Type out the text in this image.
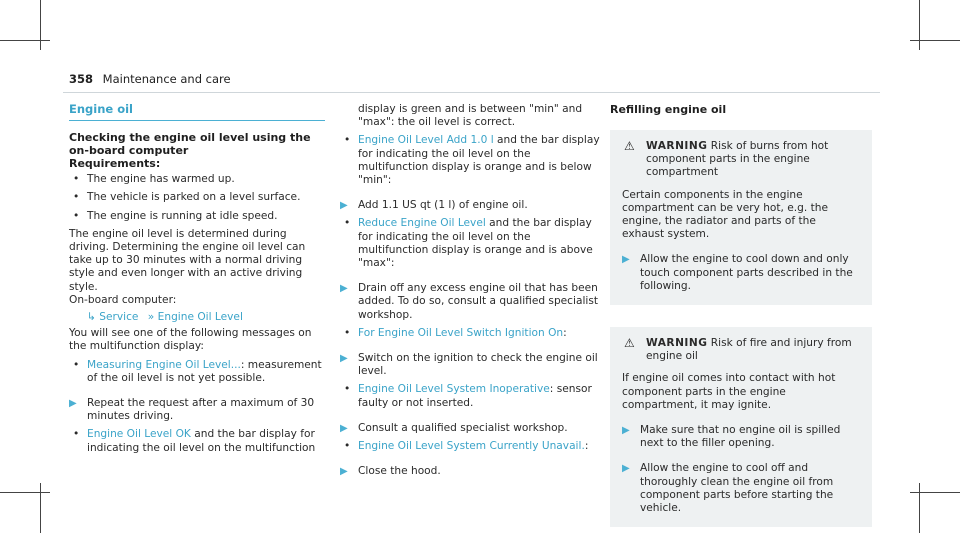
358 Maintenance and care
Engine oil

Checking the engine oil level using the on-board computer

Requirements:

• The engine has warmed up.
• The vehicle is parked on a level surface.
• The engine is running at idle speed.

The engine oil level is determined during driving. Determining the engine oil level can take up to 30 minutes with a normal driving style and even longer with an active driving style.

On-board computer:

↳ Service » Engine Oil Level

You will see one of the following messages on the multifunction display:

• Measuring Engine Oil Level...: measurement of the oil level is not yet possible.
▶ Repeat the request after a maximum of 30 minutes driving.
• Engine Oil Level OK and the bar display for indicating the oil level on the multifunction

display is green and is between "min" and "max": the oil level is correct.

• Engine Oil Level Add 1.0 l and the bar display for indicating the oil level on the multifunction display is orange and is below "min":
▶ Add 1.1 US qt (1 l) of engine oil.
• Reduce Engine Oil Level and the bar display for indicating the oil level on the multifunction display is orange and is above "max":
▶ Drain off any excess engine oil that has been added. To do so, consult a qualified specialist workshop.
• For Engine Oil Level Switch Ignition On:
▶ Switch on the ignition to check the engine oil level.
• Engine Oil Level System Inoperative: sensor faulty or not inserted.
▶ Consult a qualified specialist workshop.
• Engine Oil Level System Currently Unavail.:
▶ Close the hood.

Refilling engine oil

⚠ WARNING Risk of burns from hot component parts in the engine compartment

Certain components in the engine compartment can be very hot, e.g. the engine, the radiator and parts of the exhaust system.

▶ Allow the engine to cool down and only touch component parts described in the following.
⚠ WARNING Risk of fire and injury from engine oil

If engine oil comes into contact with hot component parts in the engine compartment, it may ignite.

▶ Make sure that no engine oil is spilled next to the filler opening.
▶ Allow the engine to cool off and thoroughly clean the engine oil from component parts before starting the vehicle.
